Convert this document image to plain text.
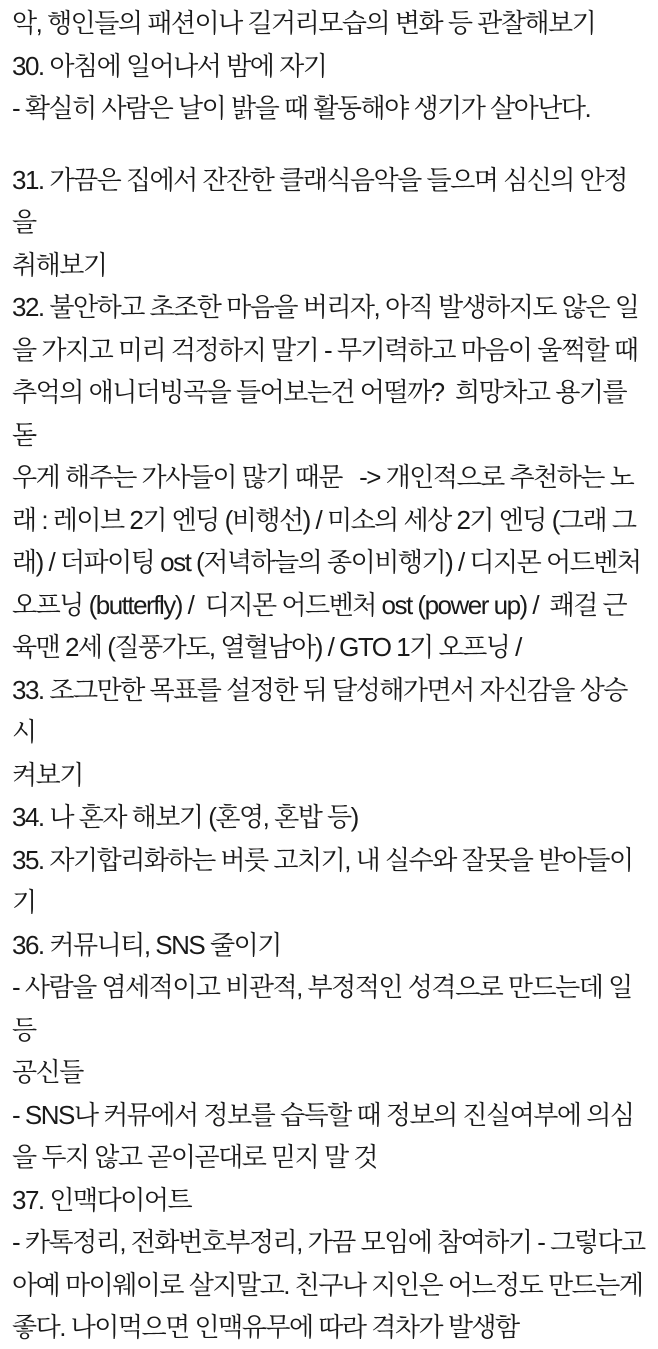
악, 행인들의 패션이나 길거리모습의 변화 등 관찰해보기
30. 아침에 일어나서 밤에 자기
- 확실히 사람은 날이 밝을 때 활동해야 생기가 살아난다.
31. 가끔은 집에서 잔잔한 클래식음악을 들으며 심신의 안정을
취해보기
32. 불안하고 초조한 마음을 버리자, 아직 발생하지도 않은 일
을 가지고 미리 걱정하지 말기 - 무기력하고 마음이 울쩍할 때
추억의 애니더빙곡을 들어보는건 어떨까?  희망차고 용기를 돋
우게 해주는 가사들이 많기 때문   -> 개인적으로 추천하는 노
래 : 레이브 2기 엔딩 (비행선) / 미소의 세상 2기 엔딩 (그래 그
래) / 더파이팅 ost (저녁하늘의 종이비행기) / 디지몬 어드벤처
오프닝 (butterfly) /  디지몬 어드벤처 ost (power up) /  쾌걸 근
육맨 2세 (질풍가도, 열혈남아) / GTO 1기 오프닝 /
33. 조그만한 목표를 설정한 뒤 달성해가면서 자신감을 상승시
켜보기
34. 나 혼자 해보기 (혼영, 혼밥 등)
35. 자기합리화하는 버릇 고치기, 내 실수와 잘못을 받아들이기
36. 커뮤니티, SNS 줄이기
- 사람을 염세적이고 비관적, 부정적인 성격으로 만드는데 일등
공신들
- SNS나 커뮤에서 정보를 습득할 때 정보의 진실여부에 의심
을 두지 않고 곧이곧대로 믿지 말 것
37. 인맥다이어트
- 카톡정리, 전화번호부정리, 가끔 모임에 참여하기 - 그렇다고
아예 마이웨이로 살지말고. 친구나 지인은 어느정도 만드는게
좋다. 나이먹으면 인맥유무에 따라 격차가 발생함
